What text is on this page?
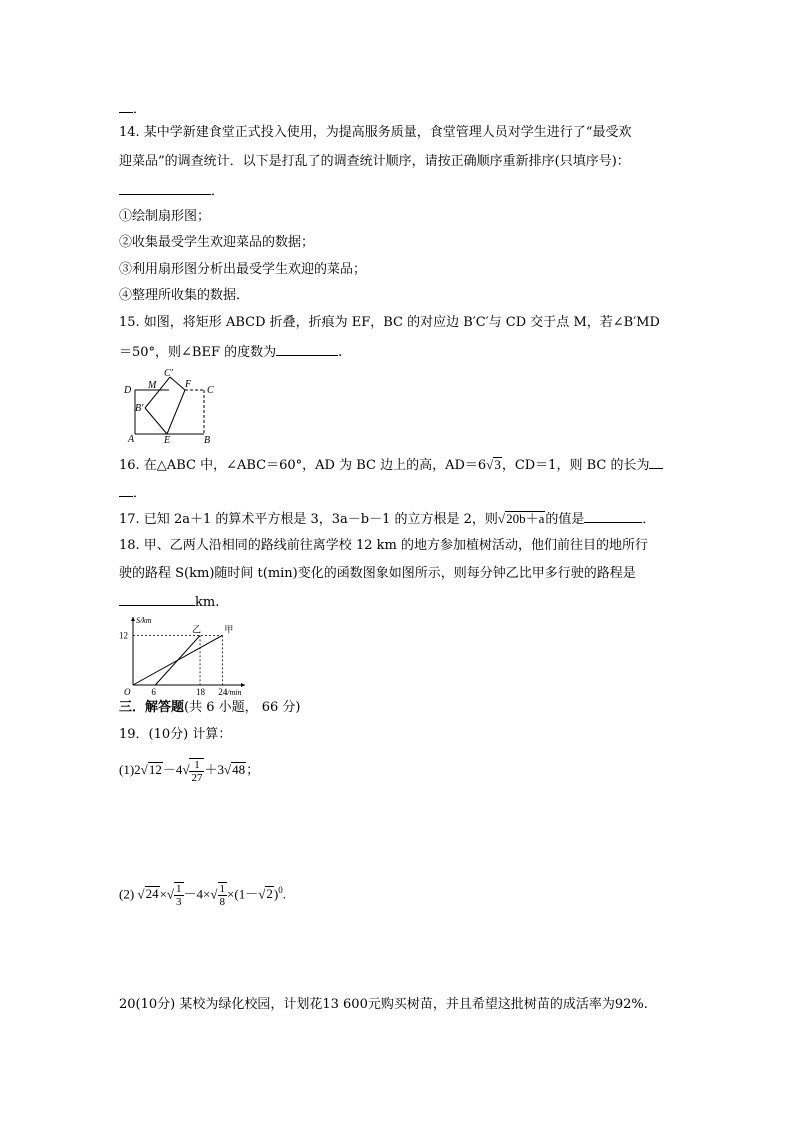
．
14. 某中学新建食堂正式投入使用，为提高服务质量，食堂管理人员对学生进行了“最受欢
迎菜品”的调查统计．以下是打乱了的调查统计顺序，请按正确顺序重新排序(只填序号)：
．
①绘制扇形图；
②收集最受学生欢迎菜品的数据；
③利用扇形图分析出最受学生欢迎的菜品；
④整理所收集的数据．
15. 如图，将矩形 ABCD 折叠，折痕为 EF，BC 的对应边 B′C′与 CD 交于点 M，若∠B′MD
＝50°，则∠BEF 的度数为	.
D M
C′
F
C
B′
A	E	B
16. 在△ABC 中，∠ABC＝60°，AD 为 BC 边上的高，AD＝6√3，CD＝1，则 BC 的长为
．
17. 已知 2a＋1 的算术平方根是 3，3a－b－1 的立方根是 2，则√20b＋a的值是	．
18. 甲、乙两人沿相同的路线前往离学校 12 km 的地方参加植树活动，他们前往目的地所行
驶的路程 S(km)随时间 t(min)变化的函数图象如图所示，则每分钟乙比甲多行驶的路程是
km.
甲
乙
6	18 24
12
O
S/km
t/min
三．解答题(共 6 小题， 66 分)
19．(10分) 计算：
$(1)2√12-4√ \frac{1}{27} +3√48$；
(2) $√24\times√ \frac{1}{3} -4\times√ \frac{1}{8} \times(1-√2)^0$.
20(10分) 某校为绿化校园，计划花13 600元购买树苗，并且希望这批树苗的成活率为92%.
